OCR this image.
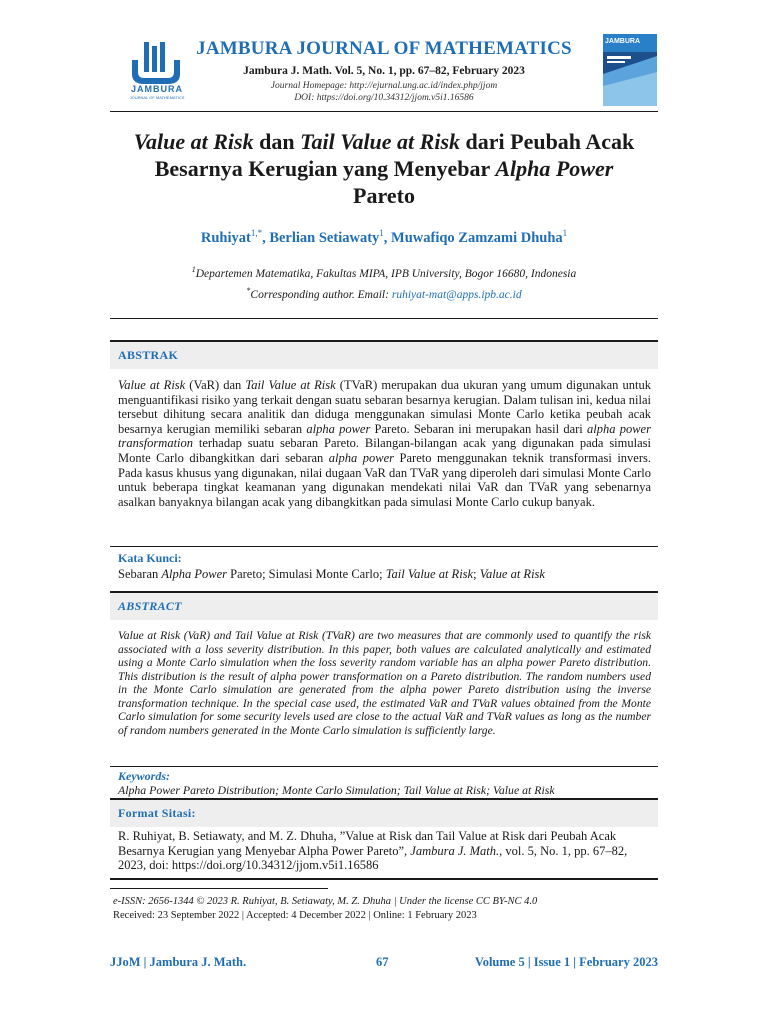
JAMBURA
JOURNAL OF MATHEMATICS
JAMBURA JOURNAL OF MATHEMATICS
Jambura J. Math. Vol. 5, No. 1, pp. 67–82, February 2023
Journal Homepage: http://ejurnal.ung.ac.id/index.php/jjom
DOI: https://doi.org/10.34312/jjom.v5i1.16586
JAMBURA
Value at Risk dan Tail Value at Risk dari Peubah Acak
Besarnya Kerugian yang Menyebar Alpha Power
Pareto
Ruhiyat$^{1,*}$, Berlian Setiawaty$^1$, Muwafiqo Zamzami Dhuha$^1$
$^1$Departemen Matematika, Fakultas MIPA, IPB University, Bogor 16680, Indonesia
*Corresponding author. Email: ruhiyat-mat@apps.ipb.ac.id
ABSTRAK
Value at Risk (VaR) dan Tail Value at Risk (TVaR) merupakan dua ukuran yang umum digunakan untuk menguantifikasi risiko yang terkait dengan suatu sebaran besarnya kerugian. Dalam tulisan ini, kedua nilai tersebut dihitung secara analitik dan diduga menggunakan simulasi Monte Carlo ketika peubah acak besarnya kerugian memiliki sebaran alpha power Pareto. Sebaran ini merupakan hasil dari alpha power transformation terhadap suatu sebaran Pareto. Bilangan-bilangan acak yang digunakan pada simulasi Monte Carlo dibangkitkan dari sebaran alpha power Pareto menggunakan teknik transformasi invers. Pada kasus khusus yang digunakan, nilai dugaan VaR dan TVaR yang diperoleh dari simulasi Monte Carlo untuk beberapa tingkat keamanan yang digunakan mendekati nilai VaR dan TVaR yang sebenarnya asalkan banyaknya bilangan acak yang dibangkitkan pada simulasi Monte Carlo cukup banyak.
Kata Kunci:
Sebaran Alpha Power Pareto; Simulasi Monte Carlo; Tail Value at Risk; Value at Risk
ABSTRACT
Value at Risk (VaR) and Tail Value at Risk (TVaR) are two measures that are commonly used to quantify the risk associated with a loss severity distribution. In this paper, both values are calculated analytically and estimated using a Monte Carlo simulation when the loss severity random variable has an alpha power Pareto distribution. This distribution is the result of alpha power transformation on a Pareto distribution. The random numbers used in the Monte Carlo simulation are generated from the alpha power Pareto distribution using the inverse transformation technique. In the special case used, the estimated VaR and TVaR values obtained from the Monte Carlo simulation for some security levels used are close to the actual VaR and TVaR values as long as the number of random numbers generated in the Monte Carlo simulation is sufficiently large.
Keywords:
Alpha Power Pareto Distribution; Monte Carlo Simulation; Tail Value at Risk; Value at Risk
Format Sitasi:
R. Ruhiyat, B. Setiawaty, and M. Z. Dhuha, ”Value at Risk dan Tail Value at Risk dari Peubah Acak Besarnya Kerugian yang Menyebar Alpha Power Pareto”, Jambura J. Math., vol. 5, No. 1, pp. 67–82, 2023, doi: https://doi.org/10.34312/jjom.v5i1.16586
e-ISSN: 2656-1344 © 2023 R. Ruhiyat, B. Setiawaty, M. Z. Dhuha | Under the license CC BY-NC 4.0
Received: 23 September 2022 | Accepted: 4 December 2022 | Online: 1 February 2023
JJoM | Jambura J. Math.	67	Volume 5 | Issue 1 | February 2023
